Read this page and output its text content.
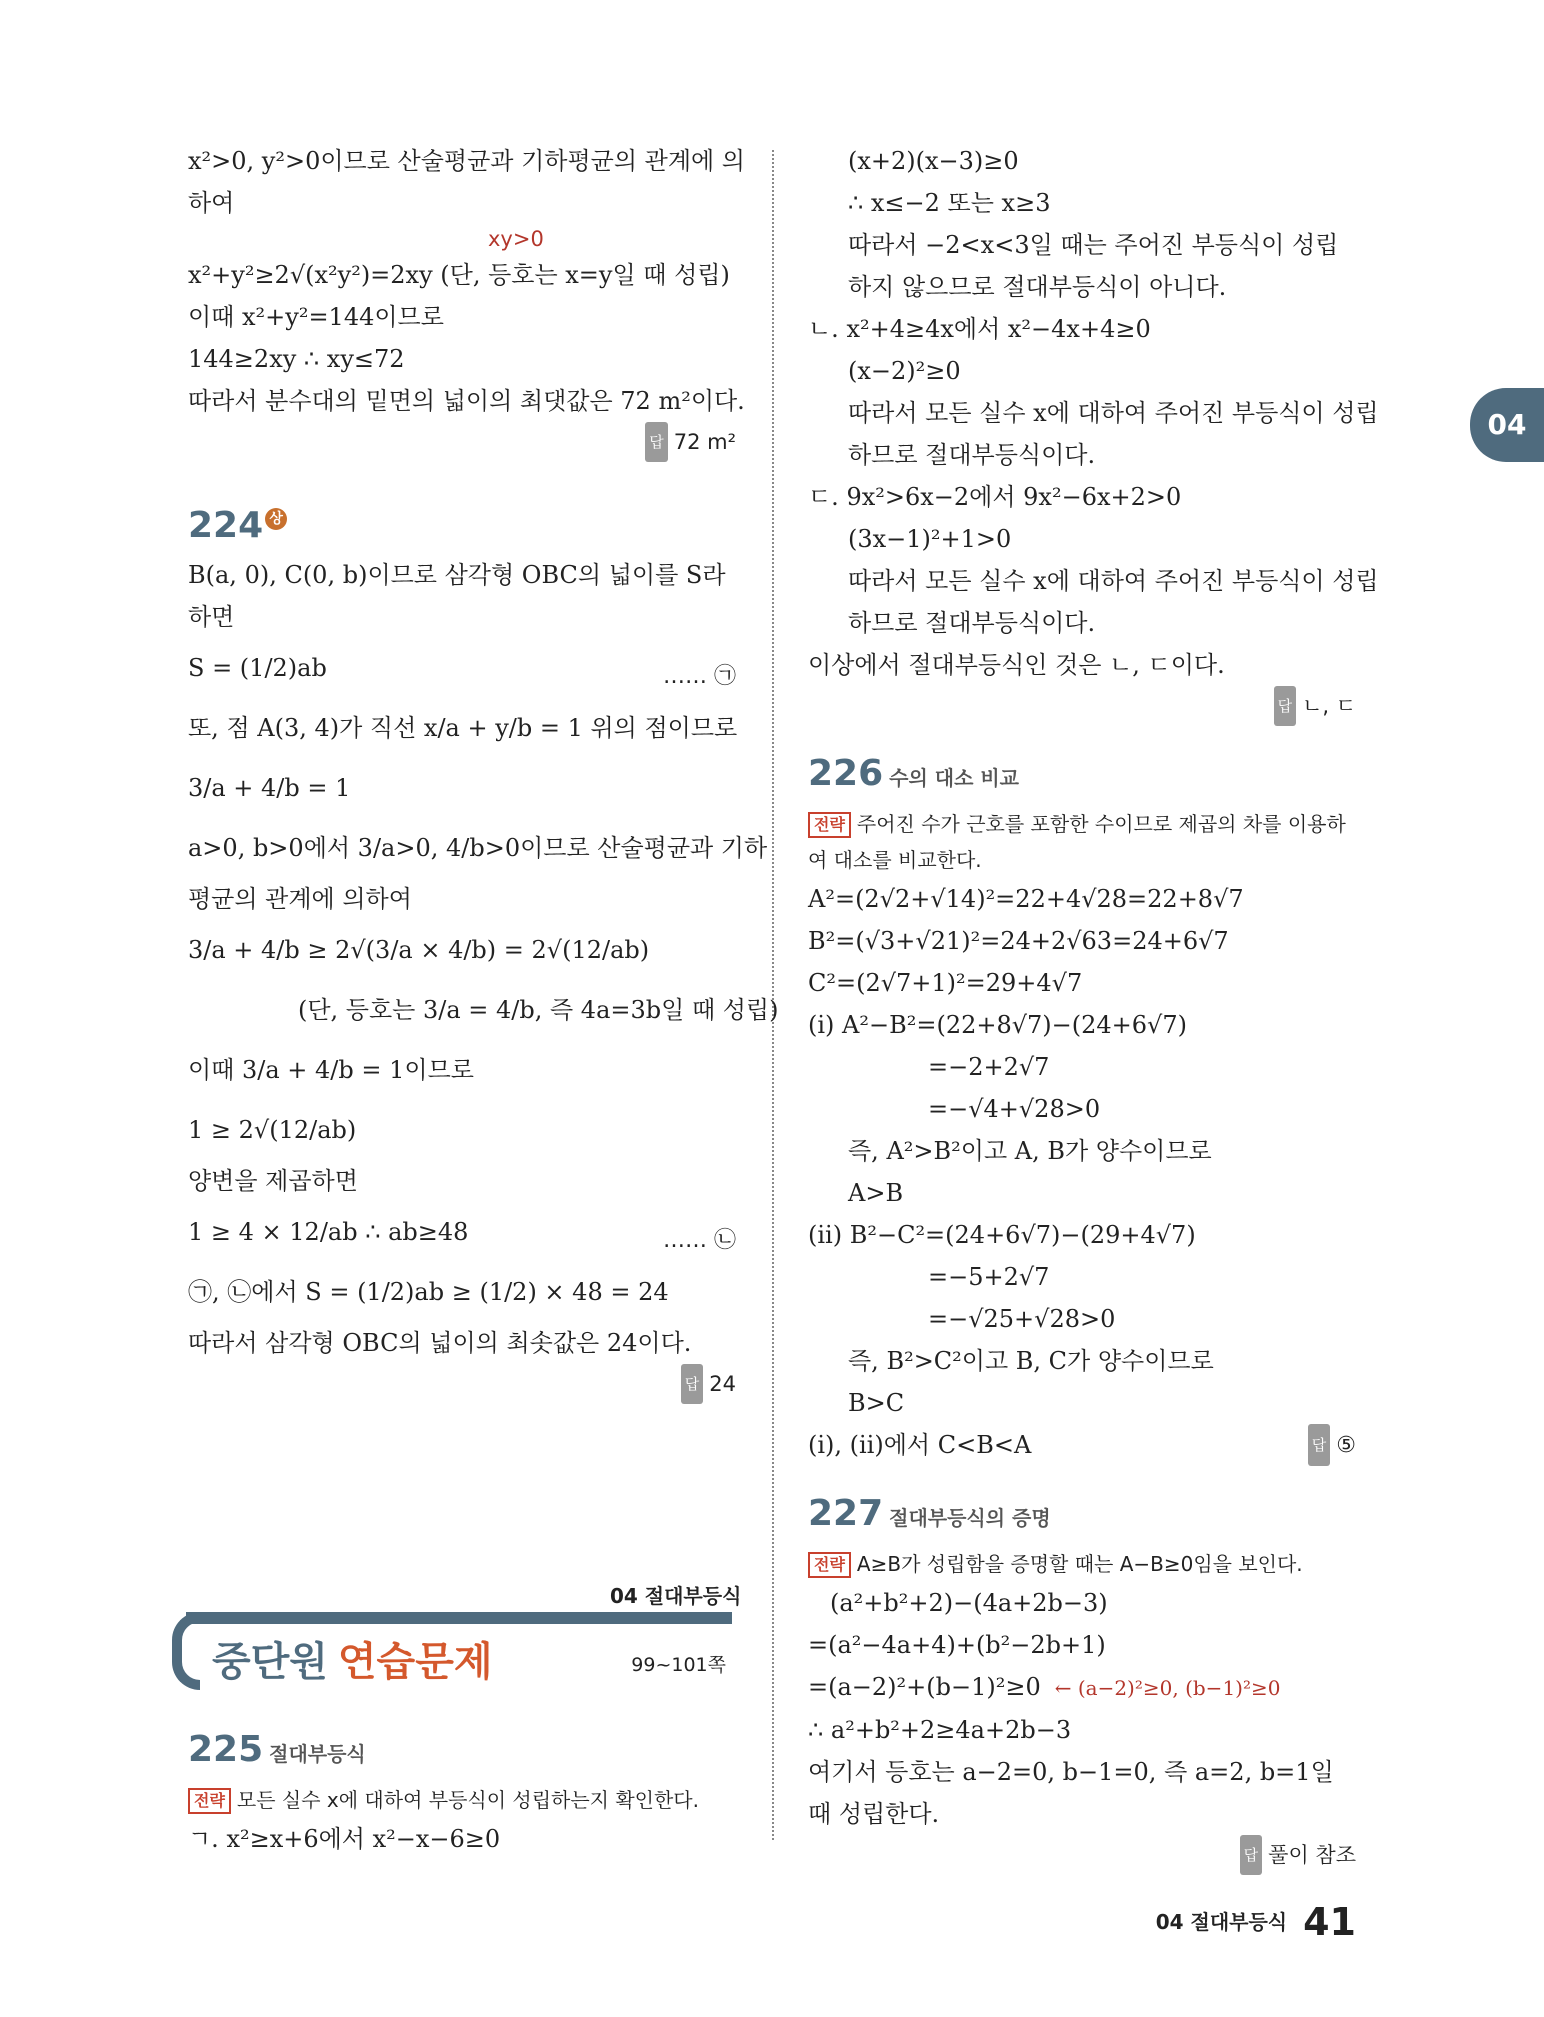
x²>0, y²>0이므로 산술평균과 기하평균의 관계에 의
하여
xy>0
x²+y²≥2√(x²y²)=2xy (단, 등호는 x=y일 때 성립)
이때 x²+y²=144이므로
144≥2xy ∴ xy≤72
따라서 분수대의 밑면의 넓이의 최댓값은 72 m²이다.
답 72 m²
224 상
B(a, 0), C(0, b)이므로 삼각형 OBC의 넓이를 S라
하면
S = (1/2)ab	…… ㉠
또, 점 A(3, 4)가 직선 x/a + y/b = 1 위의 점이므로
3/a + 4/b = 1
a>0, b>0에서 3/a>0, 4/b>0이므로 산술평균과 기하
평균의 관계에 의하여
3/a + 4/b ≥ 2√(3/a × 4/b) = 2√(12/ab)
(단, 등호는 3/a = 4/b, 즉 4a=3b일 때 성립)
이때 3/a + 4/b = 1이므로
1 ≥ 2√(12/ab)
양변을 제곱하면
1 ≥ 4 × 12/ab ∴ ab≥48	…… ㉡
㉠, ㉡에서 S = (1/2)ab ≥ (1/2) × 48 = 24
따라서 삼각형 OBC의 넓이의 최솟값은 24이다.
답 24
04 절대부등식
중단원 연습문제	99~101쪽
225 절대부등식
전략 모든 실수 x에 대하여 부등식이 성립하는지 확인한다.
ㄱ. x²≥x+6에서 x²−x−6≥0
(x+2)(x−3)≥0
∴ x≤−2 또는 x≥3
따라서 −2<x<3일 때는 주어진 부등식이 성립
하지 않으므로 절대부등식이 아니다.
ㄴ. x²+4≥4x에서 x²−4x+4≥0
(x−2)²≥0
따라서 모든 실수 x에 대하여 주어진 부등식이 성립
하므로 절대부등식이다.
ㄷ. 9x²>6x−2에서 9x²−6x+2>0
(3x−1)²+1>0
따라서 모든 실수 x에 대하여 주어진 부등식이 성립
하므로 절대부등식이다.
이상에서 절대부등식인 것은 ㄴ, ㄷ이다.
답 ㄴ, ㄷ
226 수의 대소 비교
전략 주어진 수가 근호를 포함한 수이므로 제곱의 차를 이용하
여 대소를 비교한다.
A²=(2√2+√14)²=22+4√28=22+8√7
B²=(√3+√21)²=24+2√63=24+6√7
C²=(2√7+1)²=29+4√7
(ⅰ) A²−B²=(22+8√7)−(24+6√7)
=−2+2√7
=−√4+√28>0
즉, A²>B²이고 A, B가 양수이므로
A>B
(ⅱ) B²−C²=(24+6√7)−(29+4√7)
=−5+2√7
=−√25+√28>0
즉, B²>C²이고 B, C가 양수이므로
B>C
(ⅰ), (ⅱ)에서 C<B<A	답 ⑤
227 절대부등식의 증명
전략 A≥B가 성립함을 증명할 때는 A−B≥0임을 보인다.
(a²+b²+2)−(4a+2b−3)
=(a²−4a+4)+(b²−2b+1)
=(a−2)²+(b−1)²≥0 ← (a−2)²≥0, (b−1)²≥0
∴ a²+b²+2≥4a+2b−3
여기서 등호는 a−2=0, b−1=0, 즉 a=2, b=1일
때 성립한다.
답 풀이 참조
04
04 절대부등식 41
